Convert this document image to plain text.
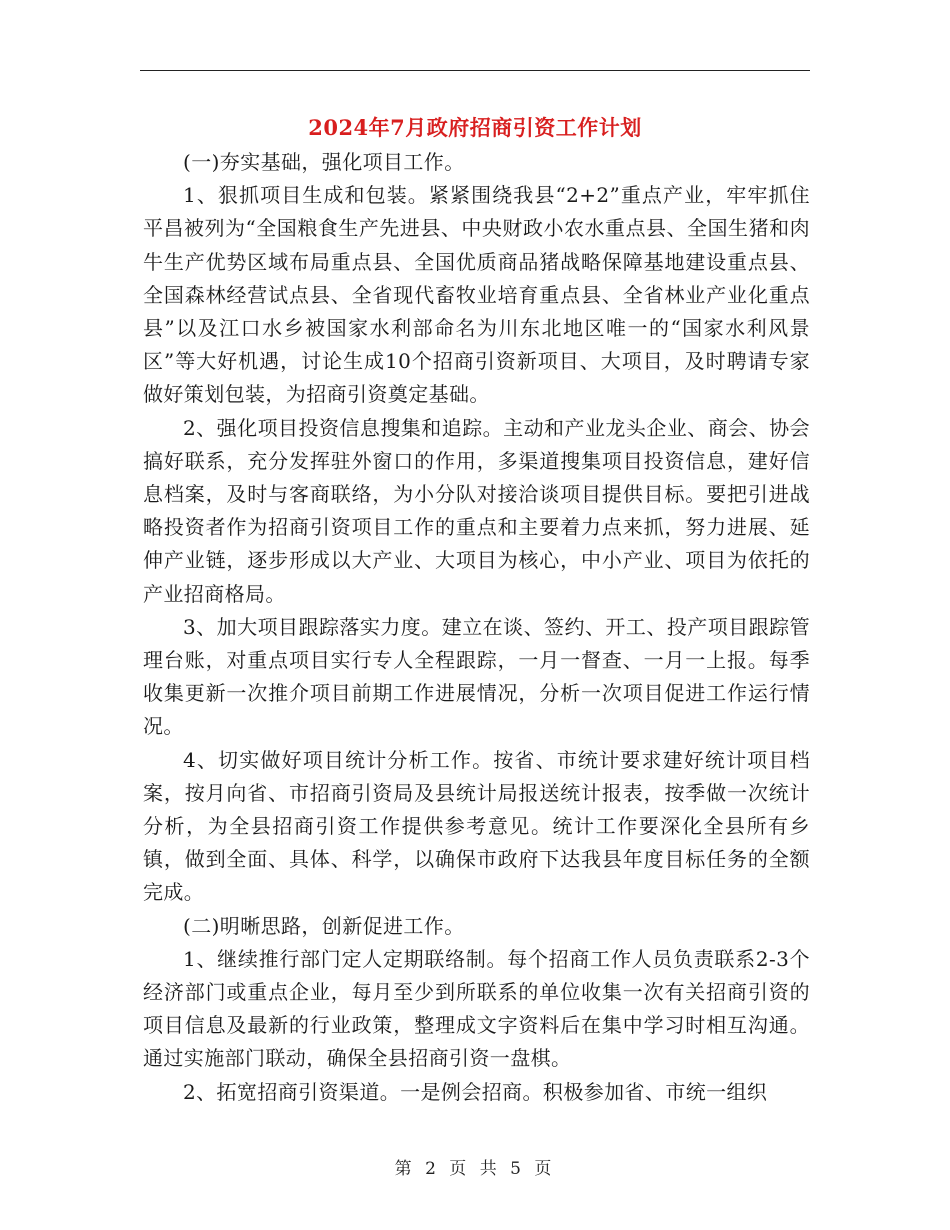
2024年7月政府招商引资工作计划

(一)夯实基础，强化项目工作。

1、狠抓项目生成和包装。紧紧围绕我县“2+2”重点产业，牢牢抓住平昌被列为“全国粮食生产先进县、中央财政小农水重点县、全国生猪和肉牛生产优势区域布局重点县、全国优质商品猪战略保障基地建设重点县、全国森林经营试点县、全省现代畜牧业培育重点县、全省林业产业化重点县”以及江口水乡被国家水利部命名为川东北地区唯一的“国家水利风景区”等大好机遇，讨论生成10个招商引资新项目、大项目，及时聘请专家做好策划包装，为招商引资奠定基础。

2、强化项目投资信息搜集和追踪。主动和产业龙头企业、商会、协会搞好联系，充分发挥驻外窗口的作用，多渠道搜集项目投资信息，建好信息档案，及时与客商联络，为小分队对接洽谈项目提供目标。要把引进战略投资者作为招商引资项目工作的重点和主要着力点来抓，努力进展、延伸产业链，逐步形成以大产业、大项目为核心，中小产业、项目为依托的产业招商格局。

3、加大项目跟踪落实力度。建立在谈、签约、开工、投产项目跟踪管理台账，对重点项目实行专人全程跟踪，一月一督查、一月一上报。每季收集更新一次推介项目前期工作进展情况，分析一次项目促进工作运行情况。

4、切实做好项目统计分析工作。按省、市统计要求建好统计项目档案，按月向省、市招商引资局及县统计局报送统计报表，按季做一次统计分析，为全县招商引资工作提供参考意见。统计工作要深化全县所有乡镇，做到全面、具体、科学，以确保市政府下达我县年度目标任务的全额完成。

(二)明晰思路，创新促进工作。

1、继续推行部门定人定期联络制。每个招商工作人员负责联系2-3个经济部门或重点企业，每月至少到所联系的单位收集一次有关招商引资的项目信息及最新的行业政策，整理成文字资料后在集中学习时相互沟通。通过实施部门联动，确保全县招商引资一盘棋。

2、拓宽招商引资渠道。一是例会招商。积极参加省、市统一组织

第 2 页 共 5 页
